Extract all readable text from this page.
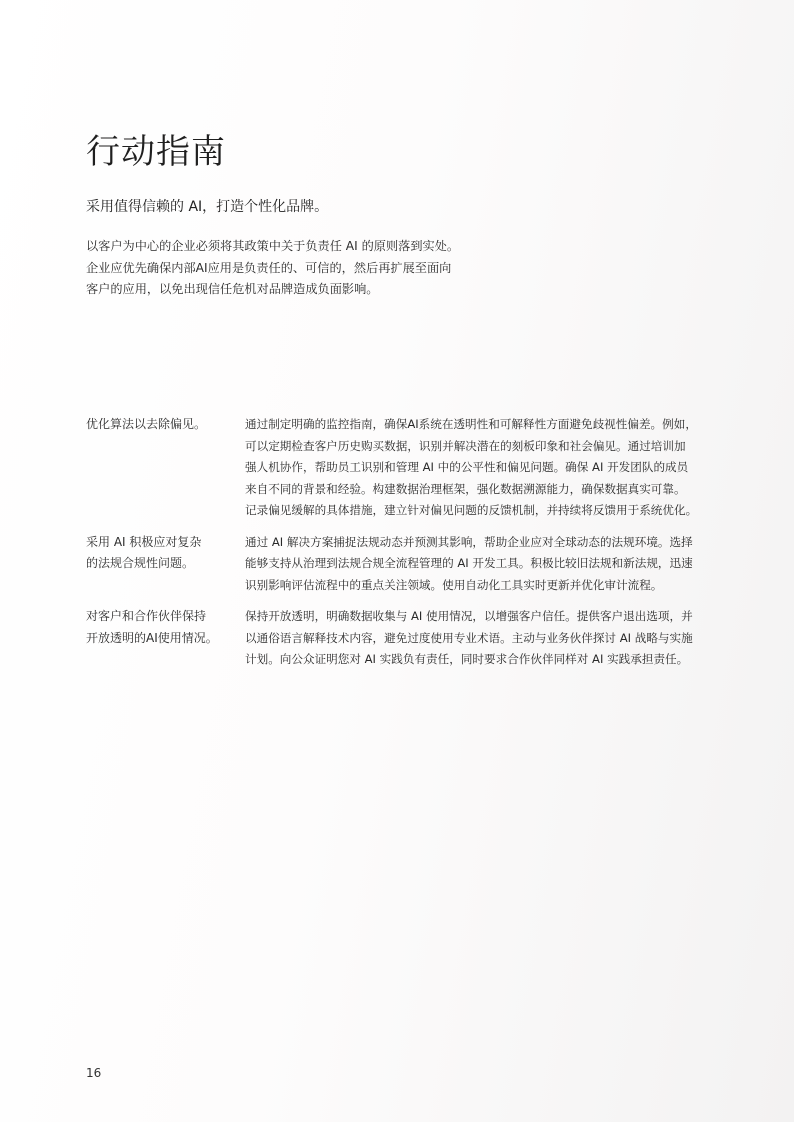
行动指南
采用值得信赖的 AI，打造个性化品牌。

以客户为中心的企业必须将其政策中关于负责任 AI 的原则落到实处。

企业应优先确保内部AI应用是负责任的、可信的，然后再扩展至面向

客户的应用，以免出现信任危机对品牌造成负面影响。

优化算法以去除偏见。	通过制定明确的监控指南，确保AI系统在透明性和可解释性方面避免歧视性偏差。例如，
可以定期检查客户历史购买数据，识别并解决潜在的刻板印象和社会偏见。通过培训加
强人机协作，帮助员工识别和管理 AI 中的公平性和偏见问题。确保 AI 开发团队的成员
来自不同的背景和经验。构建数据治理框架，强化数据溯源能力，确保数据真实可靠。
记录偏见缓解的具体措施，建立针对偏见问题的反馈机制，并持续将反馈用于系统优化。
采用 AI 积极应对复杂
的法规合规性问题。
通过 AI 解决方案捕捉法规动态并预测其影响，帮助企业应对全球动态的法规环境。选择
能够支持从治理到法规合规全流程管理的 AI 开发工具。积极比较旧法规和新法规，迅速
识别影响评估流程中的重点关注领域。使用自动化工具实时更新并优化审计流程。
对客户和合作伙伴保持
开放透明的AI使用情况。
保持开放透明，明确数据收集与 AI 使用情况，以增强客户信任。提供客户退出选项，并
以通俗语言解释技术内容，避免过度使用专业术语。主动与业务伙伴探讨 AI 战略与实施
计划。向公众证明您对 AI 实践负有责任，同时要求合作伙伴同样对 AI 实践承担责任。
16
